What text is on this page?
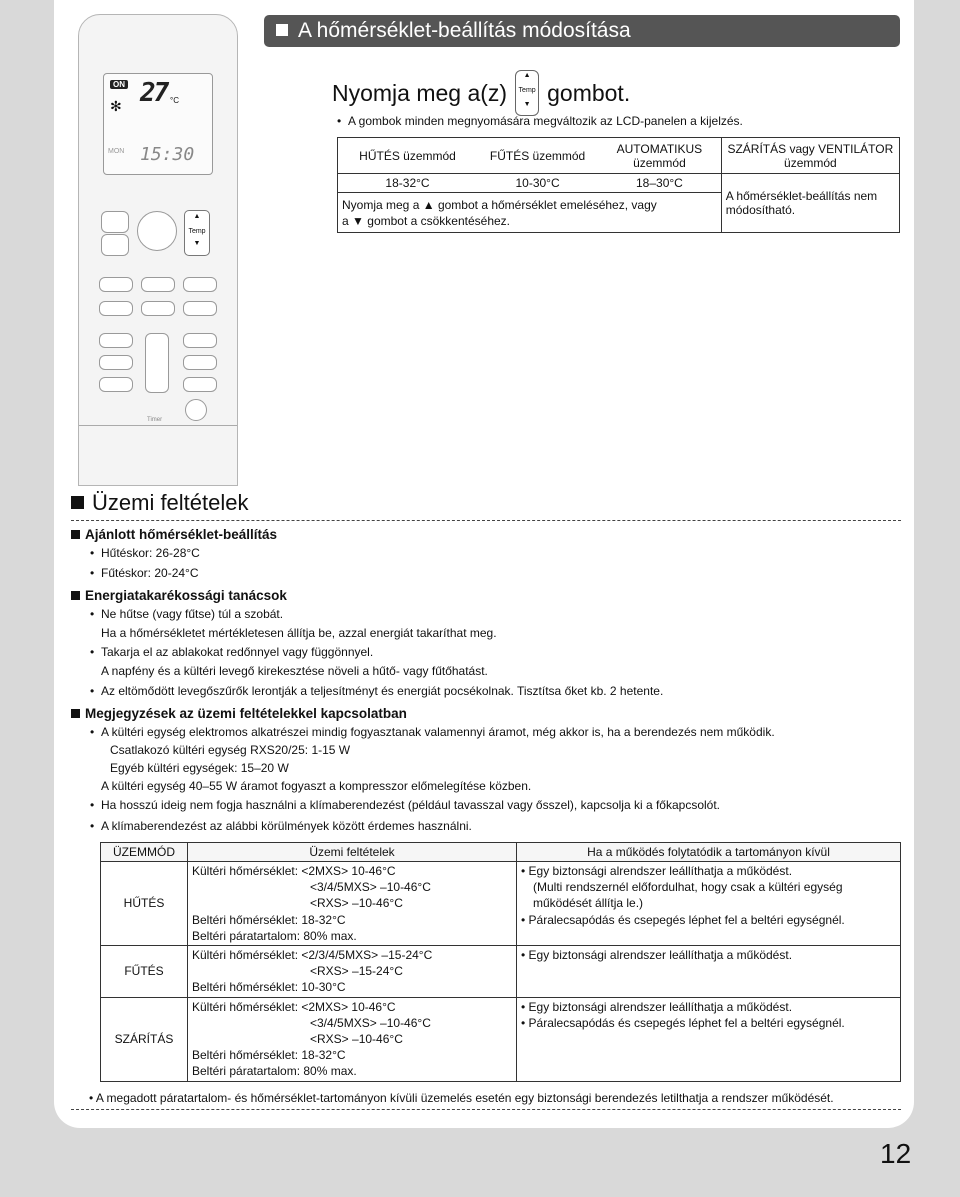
ON
✻ 27 °C
MON 15:30
▲
Temp
▼
Timer
A hőmérséklet-beállítás módosítása
Nyomja meg a(z)
▲
Temp
▼ gombot.
A gombok minden megnyomására megváltozik az LCD-panelen a kijelzés.
HŰTÉS üzemmód	FŰTÉS üzemmód	AUTOMATIKUS üzemmód	SZÁRÍTÁS vagy VENTILÁTOR üzemmód
18-32°C	10-30°C	18–30°C	A hőmérséklet-beállítás nem módosítható.
Nyomja meg a ▲ gombot a hőmérséklet emeléséhez, vagy
a ▼ gombot a csökkentéséhez.			
Üzemi feltételek
Ajánlott hőmérséklet-beállítás
• Hűtéskor: 26-28°C
• Fűtéskor: 20-24°C
Energiatakarékossági tanácsok
• Ne hűtse (vagy fűtse) túl a szobát.
Ha a hőmérsékletet mértékletesen állítja be, azzal energiát takaríthat meg.
• Takarja el az ablakokat redőnnyel vagy függönnyel.
A napfény és a kültéri levegő kirekesztése növeli a hűtő- vagy fűtőhatást.
• Az eltömődött levegőszűrők lerontják a teljesítményt és energiát pocsékolnak. Tisztítsa őket kb. 2 hetente.
Megjegyzések az üzemi feltételekkel kapcsolatban
• A kültéri egység elektromos alkatrészei mindig fogyasztanak valamennyi áramot, még akkor is, ha a berendezés nem működik.
Csatlakozó kültéri egység RXS20/25: 1-15 W
Egyéb kültéri egységek: 15–20 W
A kültéri egység 40–55 W áramot fogyaszt a kompresszor előmelegítése közben.
• Ha hosszú ideig nem fogja használni a klímaberendezést (például tavasszal vagy ősszel), kapcsolja ki a főkapcsolót.
• A klímaberendezést az alábbi körülmények között érdemes használni.
ÜZEMMÓD	Üzemi feltételek	Ha a működés folytatódik a tartományon kívül
HŰTÉS	Kültéri hőmérséklet: <2MXS> 10-46°C
<3/4/5MXS> –10-46°C
<RXS> –10-46°C
Beltéri hőmérséklet: 18-32°C
Beltéri páratartalom: 80% max.	• Egy biztonsági alrendszer leállíthatja a működést.
(Multi rendszernél előfordulhat, hogy csak a kültéri egység
működését állítja le.)
• Páralecsapódás és csepegés léphet fel a beltéri egységnél.

FŰTÉS	Kültéri hőmérséklet: <2/3/4/5MXS> –15-24°C
<RXS> –15-24°C
Beltéri hőmérséklet: 10-30°C	• Egy biztonsági alrendszer leállíthatja a működést.

SZÁRÍTÁS	Kültéri hőmérséklet: <2MXS> 10-46°C
<3/4/5MXS> –10-46°C
<RXS> –10-46°C
Beltéri hőmérséklet: 18-32°C
Beltéri páratartalom: 80% max.	• Egy biztonsági alrendszer leállíthatja a működést.
• Páralecsapódás és csepegés léphet fel a beltéri egységnél.
• A megadott páratartalom- és hőmérséklet-tartományon kívüli üzemelés esetén egy biztonsági berendezés letilthatja a rendszer működését.
12
